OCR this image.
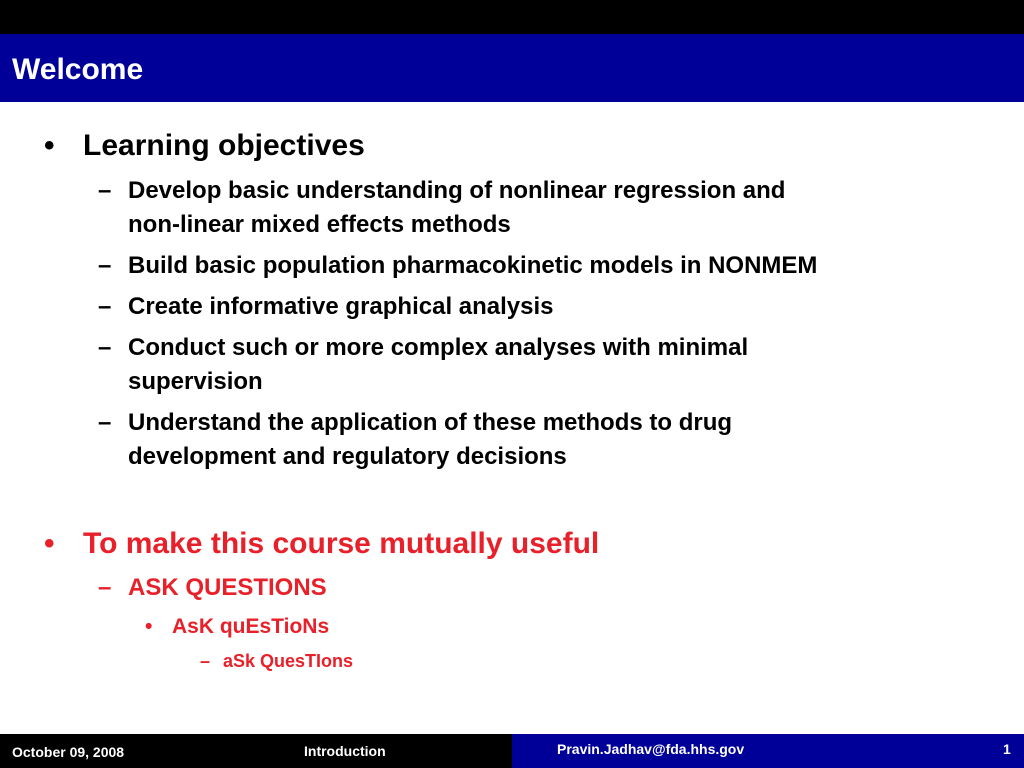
Welcome
• Learning objectives
– Develop basic understanding of nonlinear regression and
non-linear mixed effects methods
– Build basic population pharmacokinetic models in NONMEM
– Create informative graphical analysis
– Conduct such or more complex analyses with minimal
supervision
– Understand the application of these methods to drug
development and regulatory decisions
• To make this course mutually useful
– ASK QUESTIONS
• AsK quEsTioNs
– aSk QuesTIons
October 09, 2008	Introduction	Pravin.Jadhav@fda.hhs.gov	1
